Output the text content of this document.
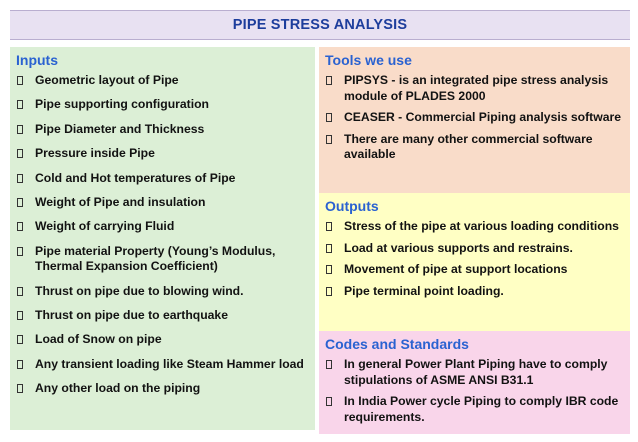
PIPE STRESS ANALYSIS
Inputs
Geometric layout of Pipe
Pipe supporting configuration
Pipe Diameter and Thickness
Pressure inside Pipe
Cold and Hot temperatures of Pipe
Weight of Pipe and insulation
Weight of carrying Fluid
Pipe material Property (Young’s Modulus, Thermal Expansion Coefficient)
Thrust on pipe due to blowing wind.
Thrust on pipe due to earthquake
Load of Snow on pipe
Any transient loading like Steam Hammer load
Any other load on the piping
Tools we use
PIPSYS - is an integrated pipe stress analysis module of PLADES 2000
CEASER - Commercial Piping analysis software
There are many other commercial software available
Outputs
Stress of the pipe at various loading conditions
Load at various supports and restrains.
Movement of pipe at support locations
Pipe terminal point loading.
Codes and Standards
In general Power Plant Piping have to comply stipulations of ASME ANSI B31.1
In India Power cycle Piping to comply IBR code requirements.
